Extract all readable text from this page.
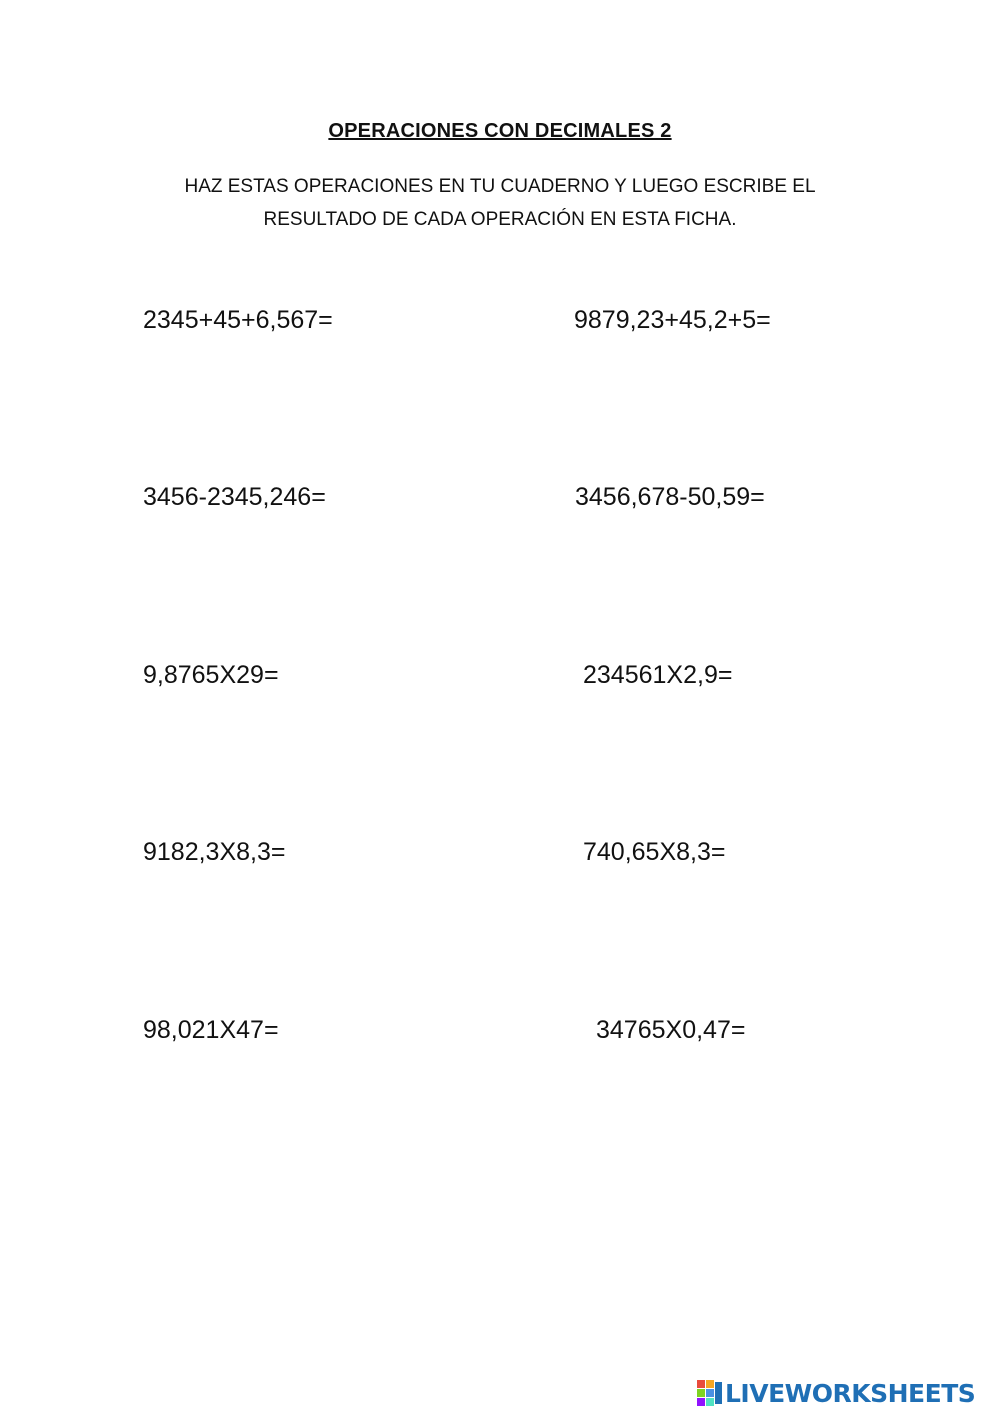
OPERACIONES CON DECIMALES 2
HAZ ESTAS OPERACIONES EN TU CUADERNO Y LUEGO ESCRIBE EL
RESULTADO DE CADA OPERACIÓN EN ESTA FICHA.
2345+45+6,567=	9879,23+45,2+5=
3456-2345,246=	3456,678-50,59=
9,8765X29=	234561X2,9=
9182,3X8,3=	740,65X8,3=
98,021X47=	34765X0,47=
LIVEWORKSHEETS
